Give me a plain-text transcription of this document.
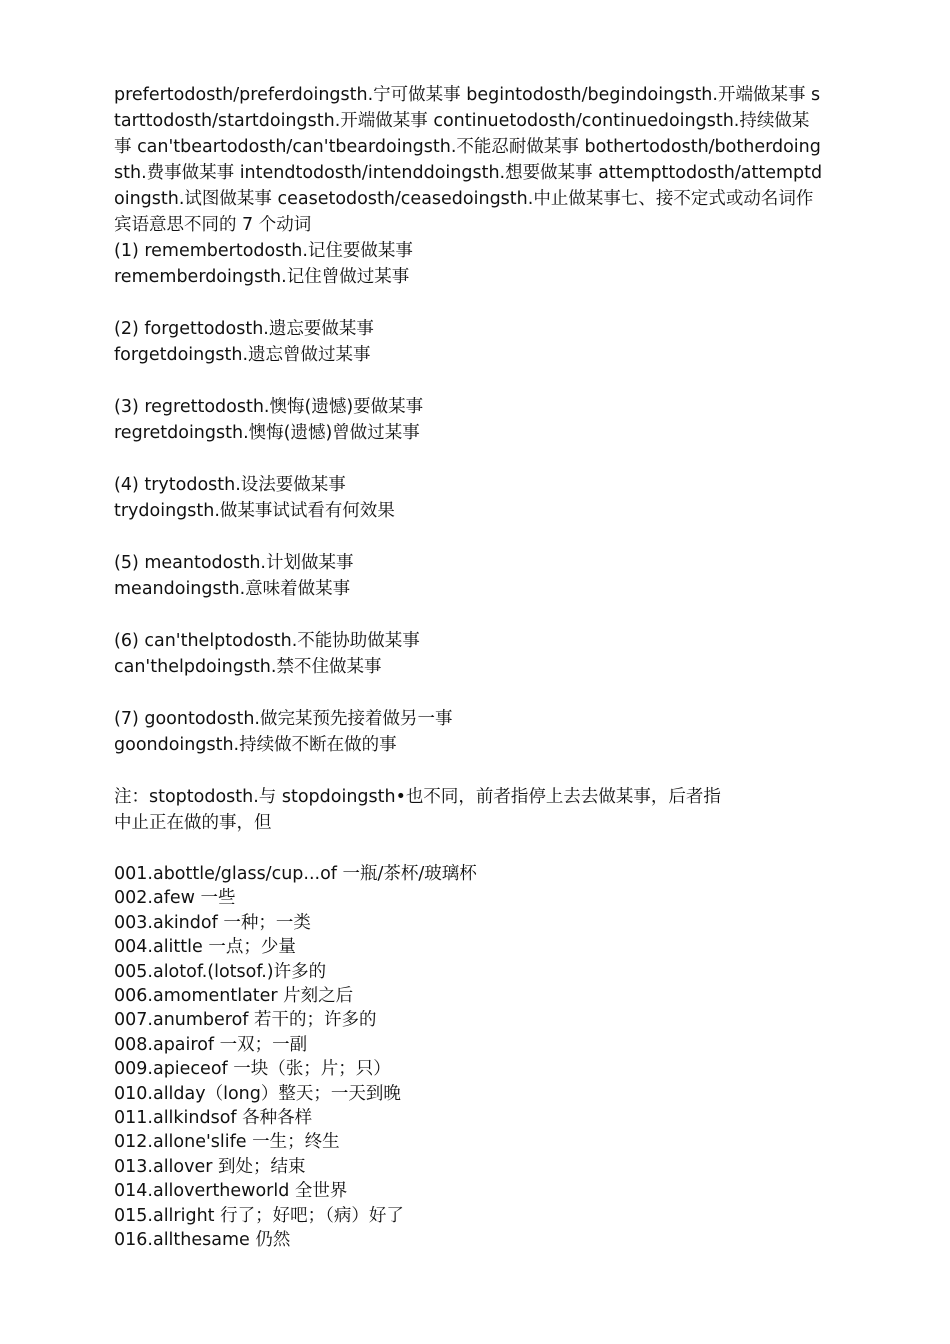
prefertodosth/preferdoingsth.宁可做某事 begintodosth/begindoingsth.开端做某事 starttodosth/startdoingsth.开端做某事 continuetodosth/continuedoingsth.持续做某事 can'tbeartodosth/can'tbeardoingsth.不能忍耐做某事 bothertodosth/botherdoingsth.费事做某事 intendtodosth/intenddoingsth.想要做某事 attempttodosth/attemptdoingsth.试图做某事 ceasetodosth/ceasedoingsth.中止做某事七、接不定式或动名词作宾语意思不同的 7 个动词

(1) remembertodosth.记住要做某事
rememberdoingsth.记住曾做过某事
(2) forgettodosth.遗忘要做某事
forgetdoingsth.遗忘曾做过某事
(3) regrettodosth.懊悔(遗憾)要做某事
regretdoingsth.懊悔(遗憾)曾做过某事
(4) trytodosth.设法要做某事
trydoingsth.做某事试试看有何效果
(5) meantodosth.计划做某事
meandoingsth.意味着做某事
(6) can'thelptodosth.不能协助做某事
can'thelpdoingsth.禁不住做某事
(7) goontodosth.做完某预先接着做另一事
goondoingsth.持续做不断在做的事
注：stoptodosth.与 stopdoingsth•也不同，前者指停上去去做某事，后者指
中止正在做的事，但
001.abottle/glass/cup...of 一瓶/茶杯/玻璃杯
002.afew 一些
003.akindof 一种；一类
004.alittle 一点；少量
005.alotof.(lotsof.)许多的
006.amomentlater 片刻之后
007.anumberof 若干的；许多的
008.apairof 一双；一副
009.apieceof 一块（张；片；只）
010.allday（long）整天；一天到晚
011.allkindsof 各种各样
012.allone'slife 一生；终生
013.allover 到处；结束
014.allovertheworld 全世界
015.allright 行了；好吧；（病）好了
016.allthesame 仍然
